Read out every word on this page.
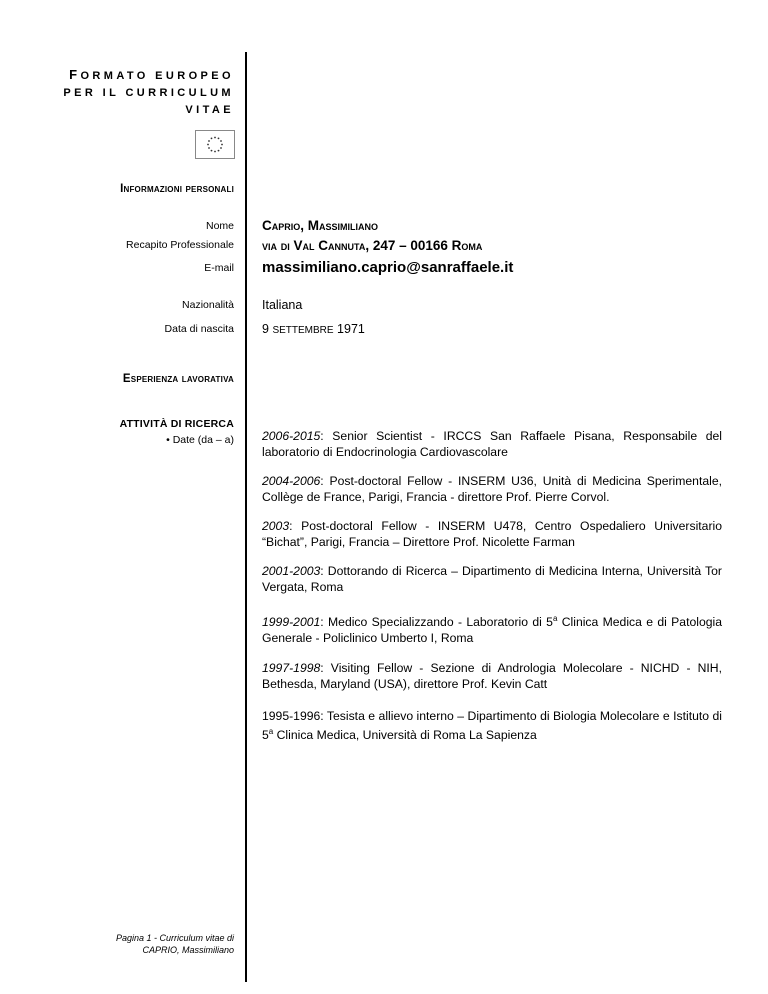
FORMATO EUROPEO
PER IL CURRICULUM
VITAE
Informazioni personali
Nome Caprio, Massimiliano
Recapito Professionale via di Val Cannuta, 247 – 00166 Roma
E-mail massimiliano.caprio@sanraffaele.it
Nazionalità Italiana
Data di nascita 9 SETTEMBRE 1971
Esperienza lavorativa
ATTIVITÀ DI RICERCA
• Date (da – a) 2006-2015: Senior Scientist - IRCCS San Raffaele Pisana, Responsabile del laboratorio di Endocrinologia Cardiovascolare

2004-2006: Post-doctoral Fellow - INSERM U36, Unità di Medicina Sperimentale, Collège de France, Parigi, Francia - direttore Prof. Pierre Corvol.

2003: Post-doctoral Fellow - INSERM U478, Centro Ospedaliero Universitario “Bichat”, Parigi, Francia – Direttore Prof. Nicolette Farman

2001-2003: Dottorando di Ricerca – Dipartimento di Medicina Interna, Università Tor Vergata, Roma

1999-2001: Medico Specializzando - Laboratorio di 5$^a$ Clinica Medica e di Patologia Generale - Policlinico Umberto I, Roma

1997-1998: Visiting Fellow - Sezione di Andrologia Molecolare - NICHD - NIH, Bethesda, Maryland (USA), direttore Prof. Kevin Catt

1995-1996: Tesista e allievo interno – Dipartimento di Biologia Molecolare e Istituto di 5$^a$ Clinica Medica, Università di Roma La Sapienza

Pagina 1 - Curriculum vitae di
CAPRIO, Massimiliano
